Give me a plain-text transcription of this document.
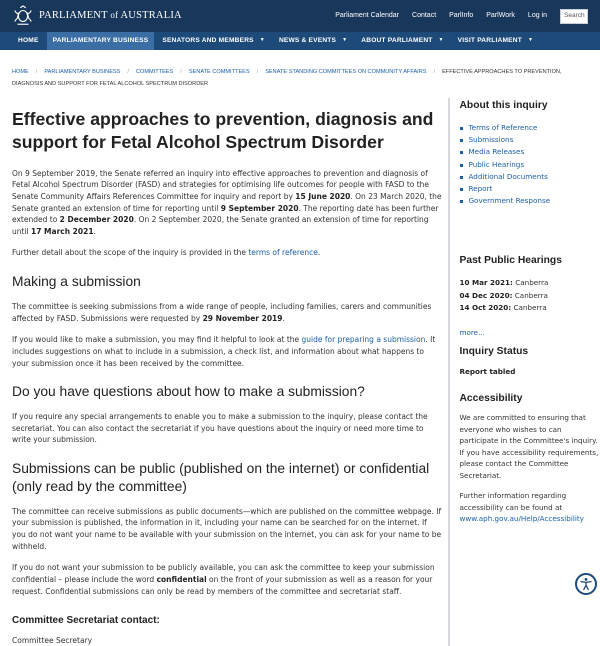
PARLIAMENT of AUSTRALIA	Parliament Calendar Contact ParlInfo ParlWork Log in	Search
HOME PARLIAMENTARY BUSINESS SENATORS AND MEMBERS ▼ NEWS & EVENTS ▼ ABOUT PARLIAMENT ▼ VISIT PARLIAMENT ▼
HOME / PARLIAMENTARY BUSINESS / COMMITTEES / SENATE COMMITTEES / SENATE STANDING COMMITTEES ON COMMUNITY AFFAIRS / EFFECTIVE APPROACHES TO PREVENTION, DIAGNOSIS AND SUPPORT FOR FETAL ALCOHOL SPECTRUM DISORDER
Effective approaches to prevention, diagnosis and support for Fetal Alcohol Spectrum Disorder

On 9 September 2019, the Senate referred an inquiry into effective approaches to prevention and diagnosis of Fetal Alcohol Spectrum Disorder (FASD) and strategies for optimising life outcomes for people with FASD to the Senate Community Affairs References Committee for inquiry and report by 15 June 2020. On 23 March 2020, the Senate granted an extension of time for reporting until 9 September 2020. The reporting date has been further extended to 2 December 2020. On 2 September 2020, the Senate granted an extension of time for reporting until 17 March 2021.

Further detail about the scope of the inquiry is provided in the terms of reference.

Making a submission

The committee is seeking submissions from a wide range of people, including families, carers and communities affected by FASD. Submissions were requested by 29 November 2019.

If you would like to make a submission, you may find it helpful to look at the guide for preparing a submission. It includes suggestions on what to include in a submission, a check list, and information about what happens to your submission once it has been received by the committee.

Do you have questions about how to make a submission?

If you require any special arrangements to enable you to make a submission to the inquiry, please contact the secretariat. You can also contact the secretariat if you have questions about the inquiry or need more time to write your submission.

Submissions can be public (published on the internet) or confidential (only read by the committee)

The committee can receive submissions as public documents—which are published on the committee webpage. If your submission is published, the information in it, including your name can be searched for on the internet. If you do not want your name to be available with your submission on the internet, you can ask for your name to be withheld.

If you do not want your submission to be publicly available, you can ask the committee to keep your submission confidential – please include the word confidential on the front of your submission as well as a reason for your request. Confidential submissions can only be read by members of the committee and secretariat staff.

Committee Secretariat contact:
Committee Secretary
About this inquiry
Terms of Reference
Submissions
Media Releases
Public Hearings
Additional Documents
Report
Government Response
Past Public Hearings
10 Mar 2021: Canberra
04 Dec 2020: Canberra
14 Oct 2020: Canberra
more...
Inquiry Status
Report tabled
Accessibility

We are committed to ensuring that everyone who wishes to can participate in the Committee's inquiry. If you have accessibility requirements, please contact the Committee Secretariat.

Further information regarding accessibility can be found at www.aph.gov.au/Help/Accessibility
